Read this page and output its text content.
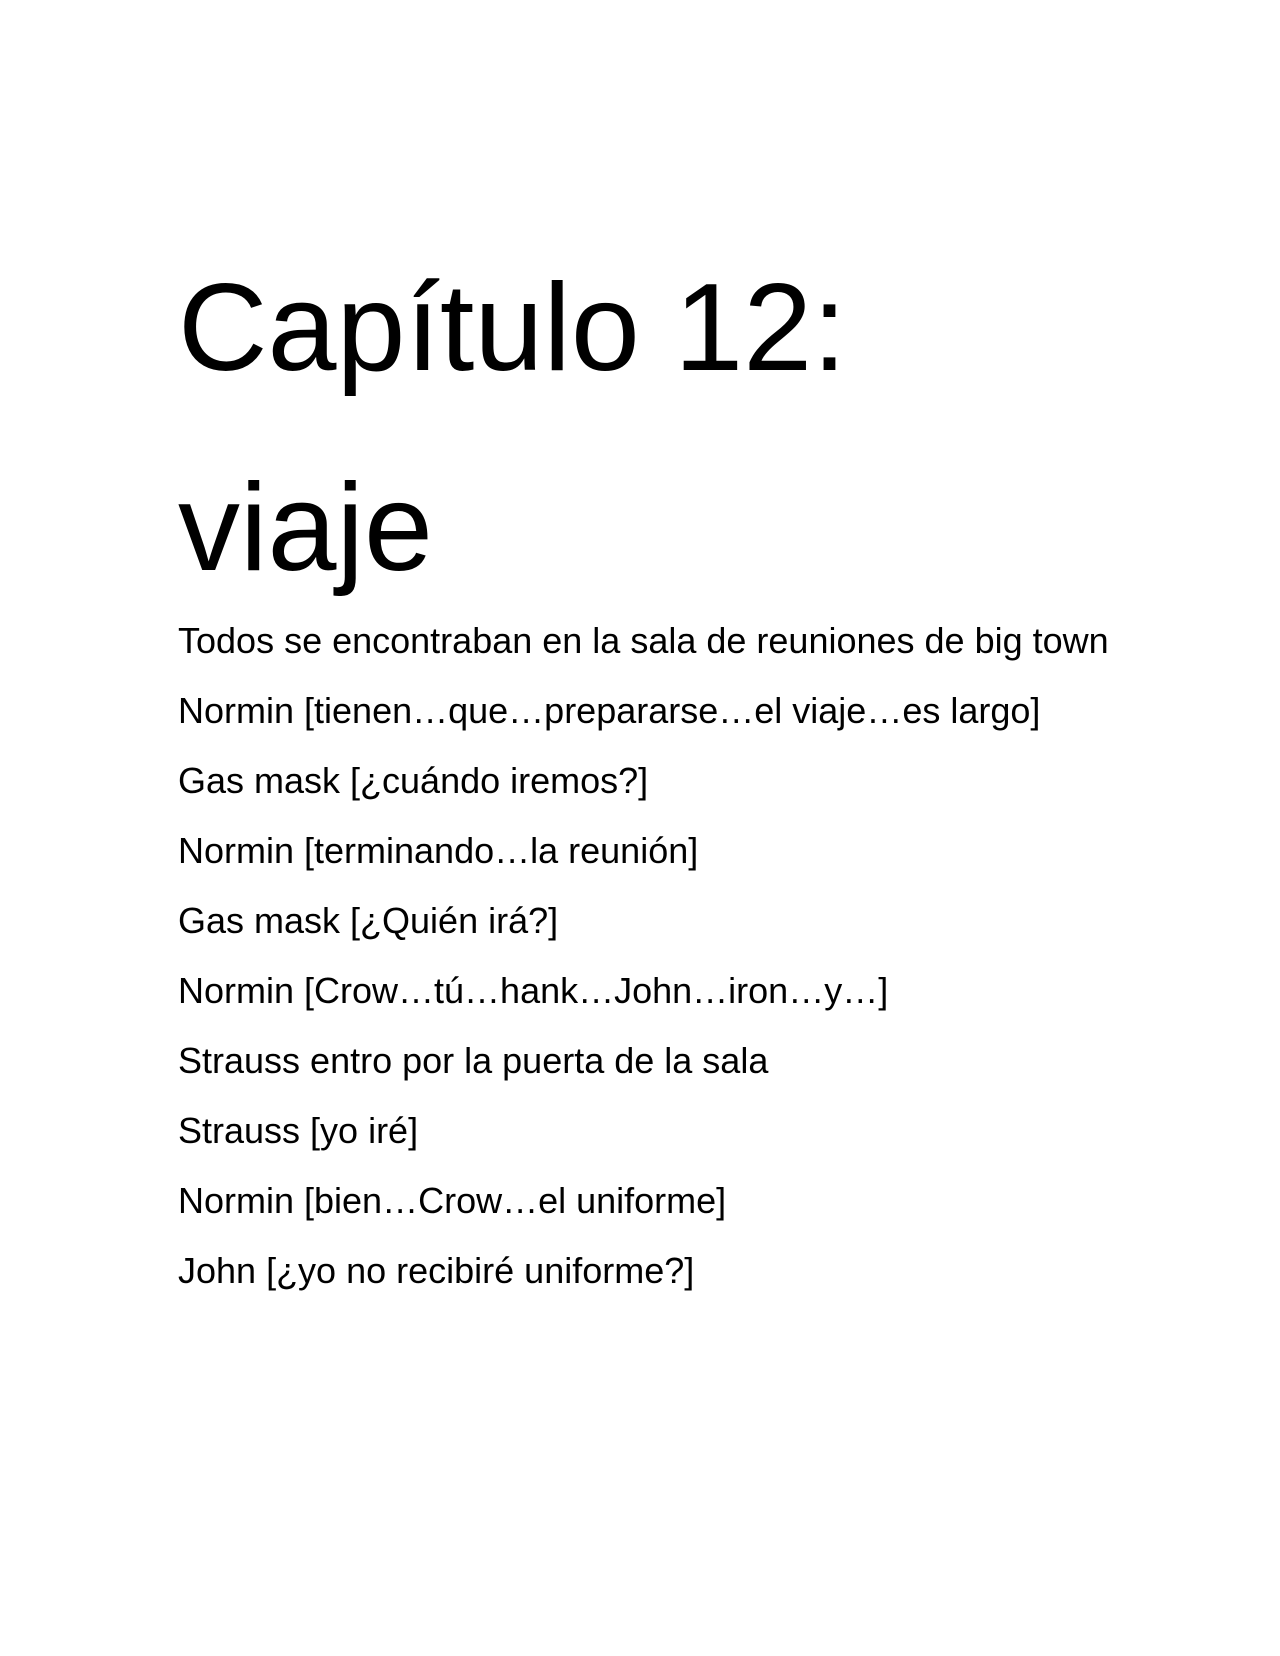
Capítulo 12:
viaje

Todos se encontraban en la sala de reuniones de big town

Normin [tienen…que…prepararse…el viaje…es largo]

Gas mask [¿cuándo iremos?]

Normin [terminando…la reunión]

Gas mask [¿Quién irá?]

Normin [Crow…tú…hank…John…iron…y…]

Strauss entro por la puerta de la sala

Strauss [yo iré]

Normin [bien…Crow…el uniforme]

John [¿yo no recibiré uniforme?]
